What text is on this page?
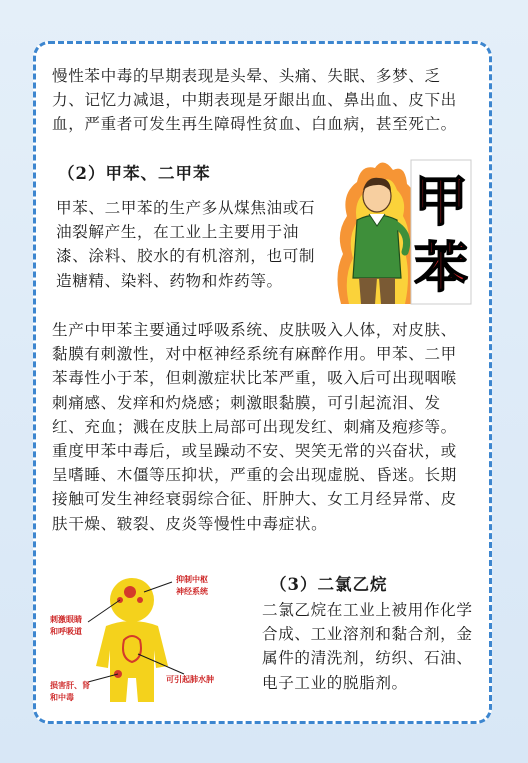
慢性苯中毒的早期表现是头晕、头痛、失眠、多梦、乏力、记忆力减退，中期表现是牙龈出血、鼻出血、皮下出血，严重者可发生再生障碍性贫血、白血病，甚至死亡。
（2）甲苯、二甲苯
甲苯、二甲苯的生产多从煤焦油或石油裂解产生，在工业上主要用于油漆、涂料、胶水的有机溶剂，也可制造糖精、染料、药物和炸药等。
甲
苯
生产中甲苯主要通过呼吸系统、皮肤吸入人体，对皮肤、黏膜有刺激性，对中枢神经系统有麻醉作用。甲苯、二甲苯毒性小于苯，但刺激症状比苯严重，吸入后可出现咽喉刺痛感、发痒和灼烧感；刺激眼黏膜，可引起流泪、发红、充血；溅在皮肤上局部可出现发红、刺痛及疱疹等。重度甲苯中毒后，或呈躁动不安、哭笑无常的兴奋状，或呈嗜睡、木僵等压抑状，严重的会出现虚脱、昏迷。长期接触可发生神经衰弱综合征、肝肿大、女工月经异常、皮肤干燥、皲裂、皮炎等慢性中毒症状。
抑制中枢
神经系统
刺激眼睛
和呼吸道
可引起肺水肿
损害肝、肾
和中毒
（3）二氯乙烷
二氯乙烷在工业上被用作化学合成、工业溶剂和黏合剂，金属件的清洗剂，纺织、石油、电子工业的脱脂剂。
